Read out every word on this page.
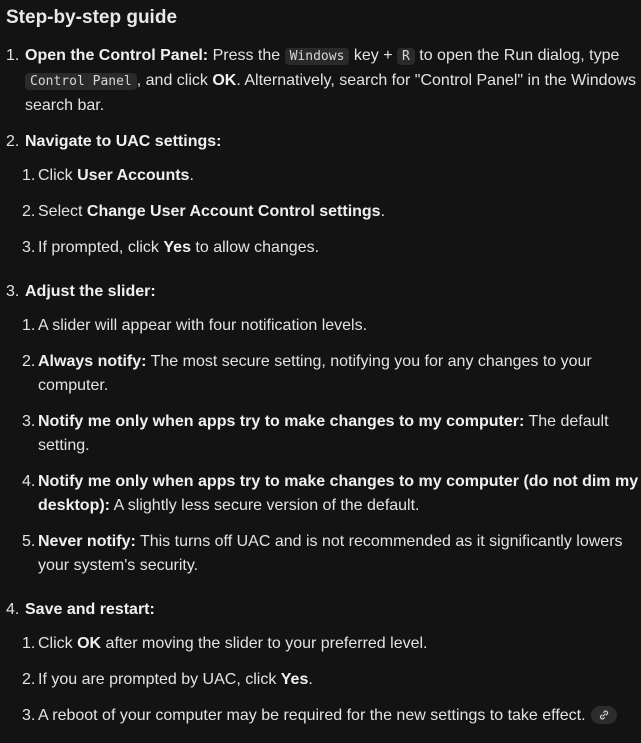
Step-by-step guide
1. Open the Control Panel: Press the Windows key + R to open the Run dialog, type Control Panel , and click OK. Alternatively, search for "Control Panel" in the Windows search bar.
2. Navigate to UAC settings:
1. Click User Accounts.
2. Select Change User Account Control settings.
3. If prompted, click Yes to allow changes.
3. Adjust the slider:
1. A slider will appear with four notification levels.
2. Always notify: The most secure setting, notifying you for any changes to your computer.
3. Notify me only when apps try to make changes to my computer: The default setting.
4. Notify me only when apps try to make changes to my computer (do not dim my desktop): A slightly less secure version of the default.
5. Never notify: This turns off UAC and is not recommended as it significantly lowers your system's security.
4. Save and restart:
1. Click OK after moving the slider to your preferred level.
2. If you are prompted by UAC, click Yes.
3. A reboot of your computer may be required for the new settings to take effect.
